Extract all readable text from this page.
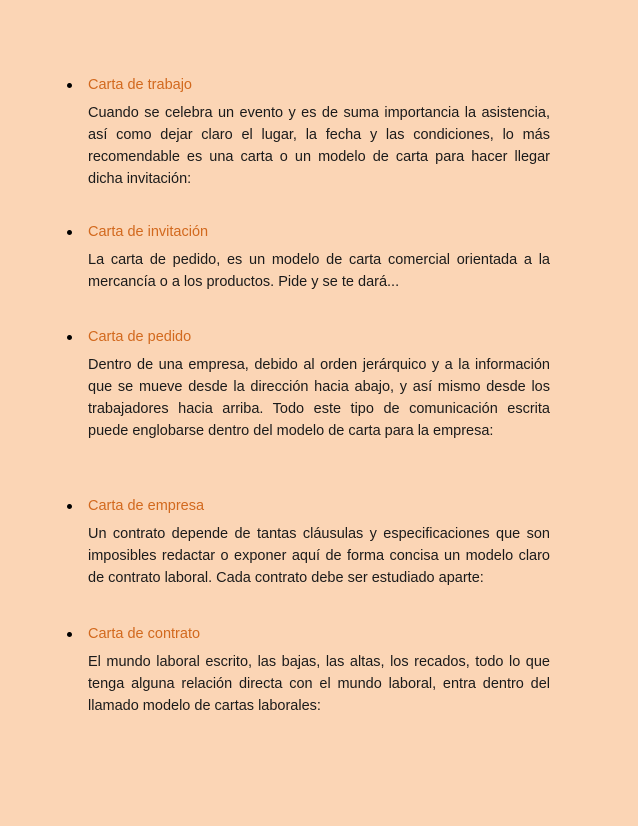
Carta de trabajo

Cuando se celebra un evento y es de suma importancia la asistencia, así como dejar claro el lugar, la fecha y las condiciones, lo más recomendable es una carta o un modelo de carta para hacer llegar dicha invitación:

Carta de invitación

La carta de pedido, es un modelo de carta comercial orientada a la mercancía o a los productos. Pide y se te dará...

Carta de pedido

Dentro de una empresa, debido al orden jerárquico y a la información que se mueve desde la dirección hacia abajo, y así mismo desde los trabajadores hacia arriba. Todo este tipo de comunicación escrita puede englobarse dentro del modelo de carta para la empresa:

Carta de empresa

Un contrato depende de tantas cláusulas y especificaciones que son imposibles redactar o exponer aquí de forma concisa un modelo claro de contrato laboral. Cada contrato debe ser estudiado aparte:

Carta de contrato

El mundo laboral escrito, las bajas, las altas, los recados, todo lo que tenga alguna relación directa con el mundo laboral, entra dentro del llamado modelo de cartas laborales:
